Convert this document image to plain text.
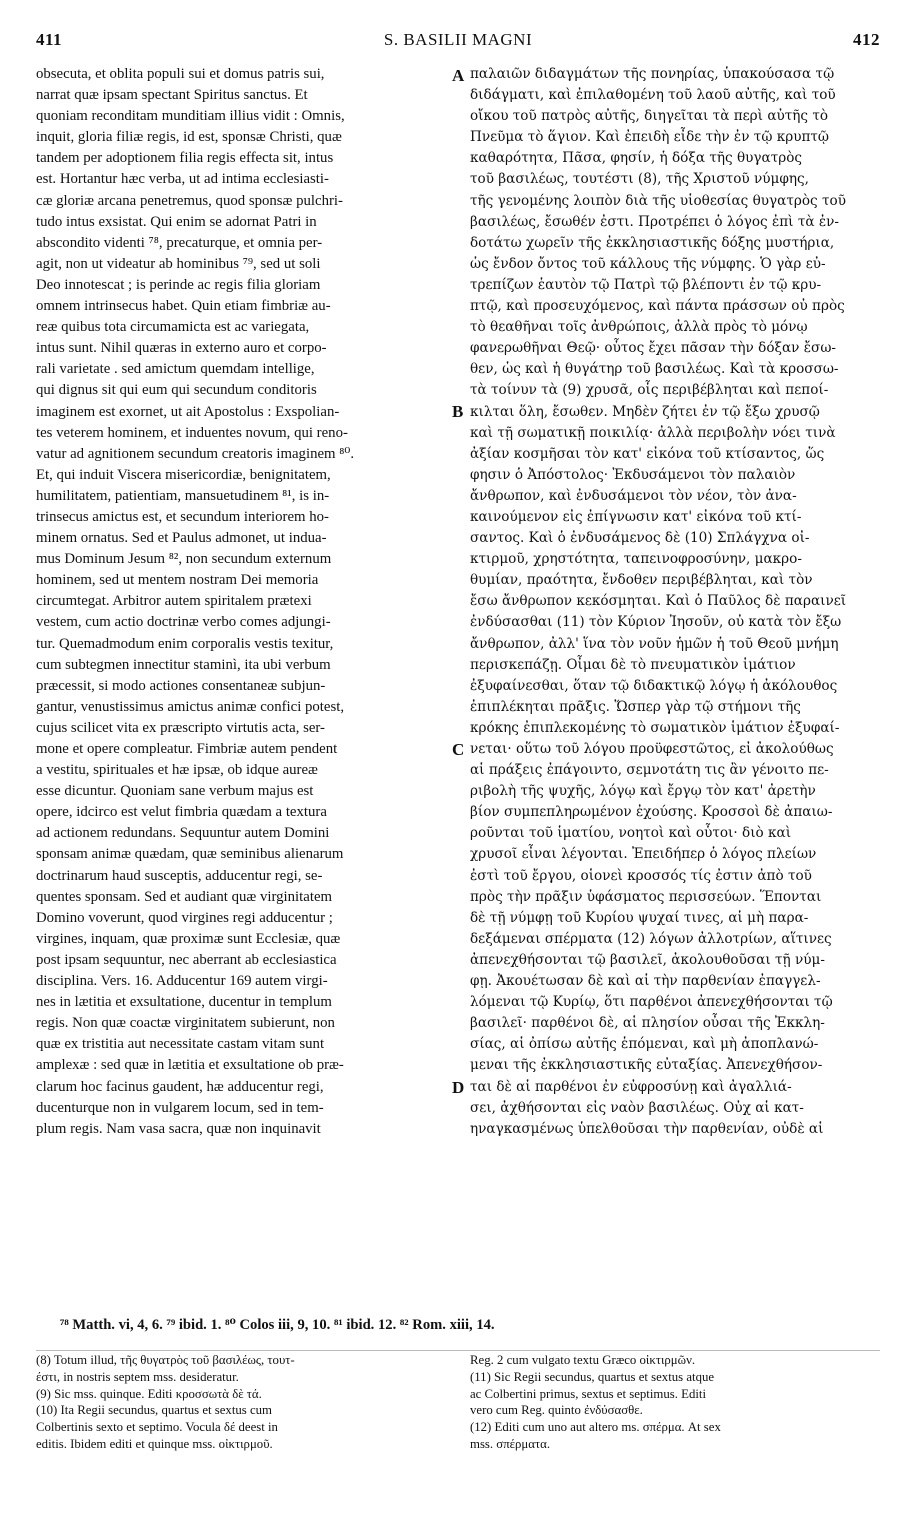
411	S. BASILII MAGNI	412
obsecuta, et oblita populi sui et domus patris sui,
narrat quæ ipsam spectant Spiritus sanctus. Et
quoniam reconditam munditiam illius vidit : Omnis,
inquit, gloria filiæ regis, id est, sponsæ Christi, quæ
tandem per adoptionem filia regis effecta sit, intus
est. Hortantur hæc verba, ut ad intima ecclesiasti-
cæ gloriæ arcana penetremus, quod sponsæ pulchri-
tudo intus exsistat. Qui enim se adornat Patri in
abscondito videnti ⁷⁸, precaturque, et omnia per-
agit, non ut videatur ab hominibus ⁷⁹, sed ut soli
Deo innotescat ; is perinde ac regis filia gloriam
omnem intrinsecus habet. Quin etiam fimbriæ au-
reæ quibus tota circumamicta est ac variegata,
intus sunt. Nihil quæras in externo auro et corpo-
rali varietate . sed amictum quemdam intellige,
qui dignus sit qui eum qui secundum conditoris
imaginem est exornet, ut ait Apostolus : Exspolian-
tes veterem hominem, et induentes novum, qui reno-
vatur ad agnitionem secundum creatoris imaginem ⁸⁰.
Et, qui induit Viscera misericordiæ, benignitatem,
humilitatem, patientiam, mansuetudinem ⁸¹, is in-
trinsecus amictus est, et secundum interiorem ho-
minem ornatus. Sed et Paulus admonet, ut indua-
mus Dominum Jesum ⁸², non secundum externum
hominem, sed ut mentem nostram Dei memoria
circumtegat. Arbitror autem spiritalem prætexi
vestem, cum actio doctrinæ verbo comes adjungi-
tur. Quemadmodum enim corporalis vestis texitur,
cum subtegmen innectitur staminì, ita ubi verbum
præcessit, si modo actiones consentaneæ subjun-
gantur, venustissimus amictus animæ confici potest,
cujus scilicet vita ex præscripto virtutis acta, ser-
mone et opere compleatur. Fimbriæ autem pendent
a vestitu, spirituales et hæ ipsæ, ob idque aureæ
esse dicuntur. Quoniam sane verbum majus est
opere, idcirco est velut fimbria quædam a textura
ad actionem redundans. Sequuntur autem Domini
sponsam animæ quædam, quæ seminibus alienarum
doctrinarum haud susceptis, adducentur regi, se-
quentes sponsam. Sed et audiant quæ virginitatem
Domino voverunt, quod virgines regi adducentur ;
virgines, inquam, quæ proximæ sunt Ecclesiæ, quæ
post ipsam sequuntur, nec aberrant ab ecclesiastica
disciplina. Vers. 16. Adducentur 169 autem virgi-
nes in lætitia et exsultatione, ducentur in templum
regis. Non quæ coactæ virginitatem subierunt, non
quæ ex tristitia aut necessitate castam vitam sunt
amplexæ : sed quæ in lætitia et exsultatione ob præ-
clarum hoc facinus gaudent, hæ adducentur regi,
ducenturque non in vulgarem locum, sed in tem-
plum regis. Nam vasa sacra, quæ non inquinavit
παλαιῶν διδαγμάτων τῆς πονηρίας, ὑπακούσασα τῷ
διδάγματι, καὶ ἐπιλαθομένη τοῦ λαοῦ αὐτῆς, καὶ τοῦ
οἴκου τοῦ πατρὸς αὐτῆς, διηγεῖται τὰ περὶ αὐτῆς τὸ
Πνεῦμα τὸ ἅγιον. Καὶ ἐπειδὴ εἶδε τὴν ἐν τῷ κρυπτῷ
καθαρότητα, Πᾶσα, φησίν, ἡ δόξα τῆς θυγατρὸς
τοῦ βασιλέως, τουτέστι (8), τῆς Χριστοῦ νύμφης,
τῆς γενομένης λοιπὸν διὰ τῆς υἱοθεσίας θυγατρὸς τοῦ
βασιλέως, ἔσωθέν ἐστι. Προτρέπει ὁ λόγος ἐπὶ τὰ ἐν-
δοτάτω χωρεῖν τῆς ἐκκλησιαστικῆς δόξης μυστήρια,
ὡς ἔνδον ὄντος τοῦ κάλλους τῆς νύμφης. Ὁ γὰρ εὐ-
τρεπίζων ἑαυτὸν τῷ Πατρὶ τῷ βλέποντι ἐν τῷ κρυ-
πτῷ, καὶ προσευχόμενος, καὶ πάντα πράσσων οὐ πρὸς
τὸ θεαθῆναι τοῖς ἀνθρώποις, ἀλλὰ πρὸς τὸ μόνῳ
φανερωθῆναι Θεῷ· οὗτος ἔχει πᾶσαν τὴν δόξαν ἔσω-
θεν, ὡς καὶ ἡ θυγάτηρ τοῦ βασιλέως. Καὶ τὰ κροσσω-
τὰ τοίνυν τὰ (9) χρυσᾶ, οἷς περιβέβληται καὶ πεποί-
κιλται ὅλη, ἔσωθεν. Μηδὲν ζήτει ἐν τῷ ἔξω χρυσῷ
καὶ τῇ σωματικῇ ποικιλίᾳ· ἀλλὰ περιβολὴν νόει τινὰ
ἀξίαν κοσμῆσαι τὸν κατ' εἰκόνα τοῦ κτίσαντος, ὥς
φησιν ὁ Ἀπόστολος· Ἐκδυσάμενοι τὸν παλαιὸν
ἄνθρωπον, καὶ ἐνδυσάμενοι τὸν νέον, τὸν ἀνα-
καινούμενον εἰς ἐπίγνωσιν κατ' εἰκόνα τοῦ κτί-
σαντος. Καὶ ὁ ἐνδυσάμενος δὲ (10) Σπλάγχνα οἰ-
κτιρμοῦ, χρηστότητα, ταπεινοφροσύνην, μακρο-
θυμίαν, πραότητα, ἔνδοθεν περιβέβληται, καὶ τὸν
ἔσω ἄνθρωπον κεκόσμηται. Καὶ ὁ Παῦλος δὲ παραινεῖ
ἐνδύσασθαι (11) τὸν Κύριον Ἰησοῦν, οὐ κατὰ τὸν ἔξω
ἄνθρωπον, ἀλλ' ἵνα τὸν νοῦν ἡμῶν ἡ τοῦ Θεοῦ μνήμη
περισκεπάζῃ. Οἶμαι δὲ τὸ πνευματικὸν ἱμάτιον
ἐξυφαίνεσθαι, ὅταν τῷ διδακτικῷ λόγῳ ἡ ἀκόλουθος
ἐπιπλέκηται πρᾶξις. Ὥσπερ γὰρ τῷ στήμονι τῆς
κρόκης ἐπιπλεκομένης τὸ σωματικὸν ἱμάτιον ἐξυφαί-
νεται· οὕτω τοῦ λόγου προϋφεστῶτος, εἰ ἀκολούθως
αἱ πράξεις ἐπάγοιντο, σεμνοτάτη τις ἂν γένοιτο πε-
ριβολὴ τῆς ψυχῆς, λόγῳ καὶ ἔργῳ τὸν κατ' ἀρετὴν
βίον συμπεπληρωμένον ἐχούσης. Κροσσοὶ δὲ ἀπαιω-
ροῦνται τοῦ ἱματίου, νοητοὶ καὶ οὗτοι· διὸ καὶ
χρυσοῖ εἶναι λέγονται. Ἐπειδήπερ ὁ λόγος πλείων
ἐστὶ τοῦ ἔργου, οἱονεὶ κροσσός τίς ἐστιν ἀπὸ τοῦ
πρὸς τὴν πρᾶξιν ὑφάσματος περισσεύων. Ἕπονται
δὲ τῇ νύμφῃ τοῦ Κυρίου ψυχαί τινες, αἱ μὴ παρα-
δεξάμεναι σπέρματα (12) λόγων ἀλλοτρίων, αἵτινες
ἀπενεχθήσονται τῷ βασιλεῖ, ἀκολουθοῦσαι τῇ νύμ-
φῃ. Ἀκουέτωσαν δὲ καὶ αἱ τὴν παρθενίαν ἐπαγγελ-
λόμεναι τῷ Κυρίῳ, ὅτι παρθένοι ἀπενεχθήσονται τῷ
βασιλεῖ· παρθένοι δὲ, αἱ πλησίον οὖσαι τῆς Ἐκκλη-
σίας, αἱ ὀπίσω αὐτῆς ἑπόμεναι, καὶ μὴ ἀποπλανώ-
μεναι τῆς ἐκκλησιαστικῆς εὐταξίας. Ἀπενεχθήσον-
ται δὲ αἱ παρθένοι ἐν εὐφροσύνῃ καὶ ἀγαλλιά-
σει, ἀχθήσονται εἰς ναὸν βασιλέως. Οὐχ αἱ κατ-
ηναγκασμένως ὑπελθοῦσαι τὴν παρθενίαν, οὐδὲ αἱ
A
B
C
D
⁷⁸ Matth. vi, 4, 6. ⁷⁹ ibid. 1. ⁸⁰ Colos iii, 9, 10. ⁸¹ ibid. 12. ⁸² Rom. xiii, 14.
(8) Totum illud, τῆς θυγατρὸς τοῦ βασιλέως, τουτ-
έστι, in nostris septem mss. desideratur.
(9) Sic mss. quinque. Editi κροσσωτὰ δὲ τά.
(10) Ita Regii secundus, quartus et sextus cum
Colbertinis sexto et septimo. Vocula δέ deest in
editis. Ibidem editi et quinque mss. οἰκτιρμοῦ.
Reg. 2 cum vulgato textu Græco οἰκτιρμῶν.
(11) Sic Regii secundus, quartus et sextus atque
ac Colbertini primus, sextus et septimus. Editi
vero cum Reg. quinto ἐνδύσασθε.
(12) Editi cum uno aut altero ms. σπέρμα. At sex
mss. σπέρματα.
